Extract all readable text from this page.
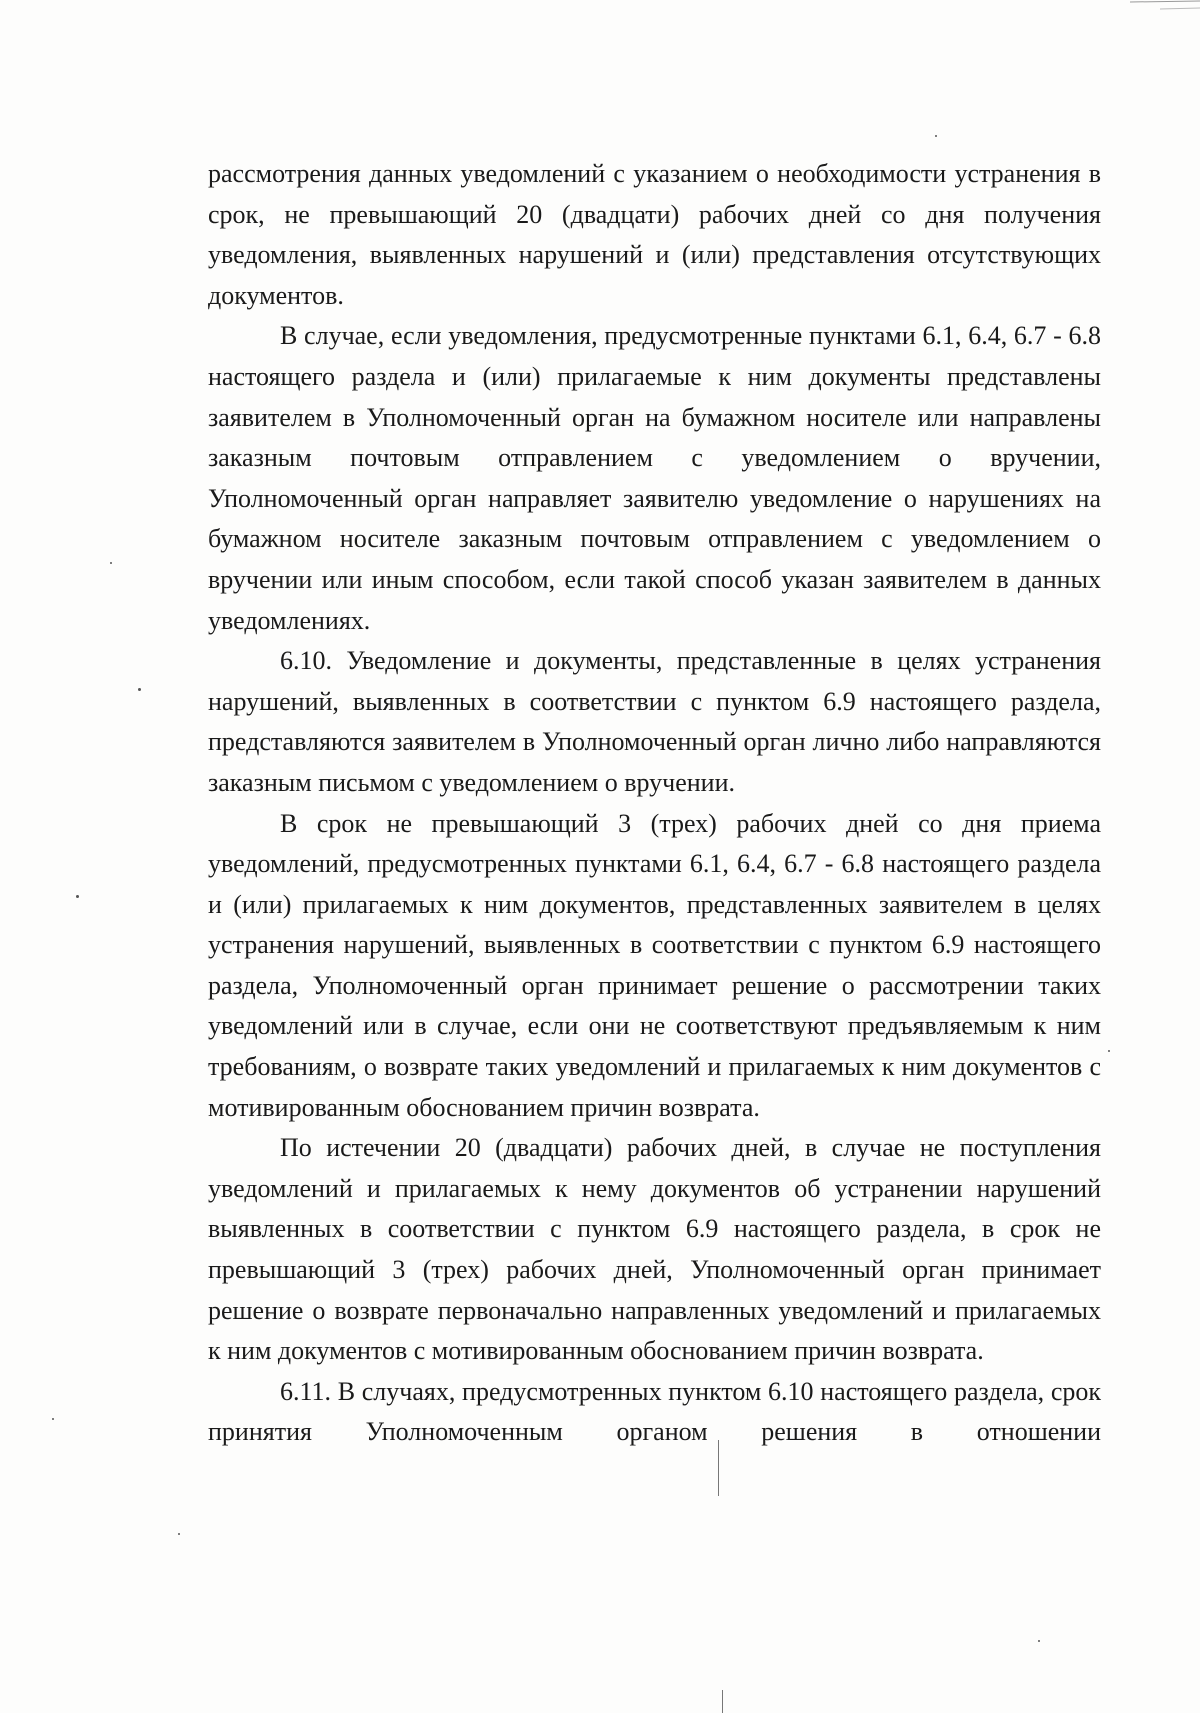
рассмотрения данных уведомлений с указанием о необходимости устранения в срок, не превышающий 20 (двадцати) рабочих дней со дня получения уведомления, выявленных нарушений и (или) представления отсутствующих документов.

В случае, если уведомления, предусмотренные пунктами 6.1, 6.4, 6.7 - 6.8 настоящего раздела и (или) прилагаемые к ним документы представлены заявителем в Уполномоченный орган на бумажном носителе или направлены заказным почтовым отправлением с уведомлением о вручении, Уполномоченный орган направляет заявителю уведомление о нарушениях на бумажном носителе заказным почтовым отправлением с уведомлением о вручении или иным способом, если такой способ указан заявителем в данных уведомлениях.

6.10. Уведомление и документы, представленные в целях устранения нарушений, выявленных в соответствии с пунктом 6.9 настоящего раздела, представляются заявителем в Уполномоченный орган лично либо направляются заказным письмом с уведомлением о вручении.

В срок не превышающий 3 (трех) рабочих дней со дня приема уведомлений, предусмотренных пунктами 6.1, 6.4, 6.7 - 6.8 настоящего раздела и (или) прилагаемых к ним документов, представленных заявителем в целях устранения нарушений, выявленных в соответствии с пунктом 6.9 настоящего раздела, Уполномоченный орган принимает решение о рассмотрении таких уведомлений или в случае, если они не соответствуют предъявляемым к ним требованиям, о возврате таких уведомлений и прилагаемых к ним документов с мотивированным обоснованием причин возврата.

По истечении 20 (двадцати) рабочих дней, в случае не поступления уведомлений и прилагаемых к нему документов об устранении нарушений выявленных в соответствии с пунктом 6.9 настоящего раздела, в срок не превышающий 3 (трех) рабочих дней, Уполномоченный орган принимает решение о возврате первоначально направленных уведомлений и прилагаемых к ним документов с мотивированным обоснованием причин возврата.

6.11. В случаях, предусмотренных пунктом 6.10 настоящего раздела, срок принятия Уполномоченным органом решения в отношении
